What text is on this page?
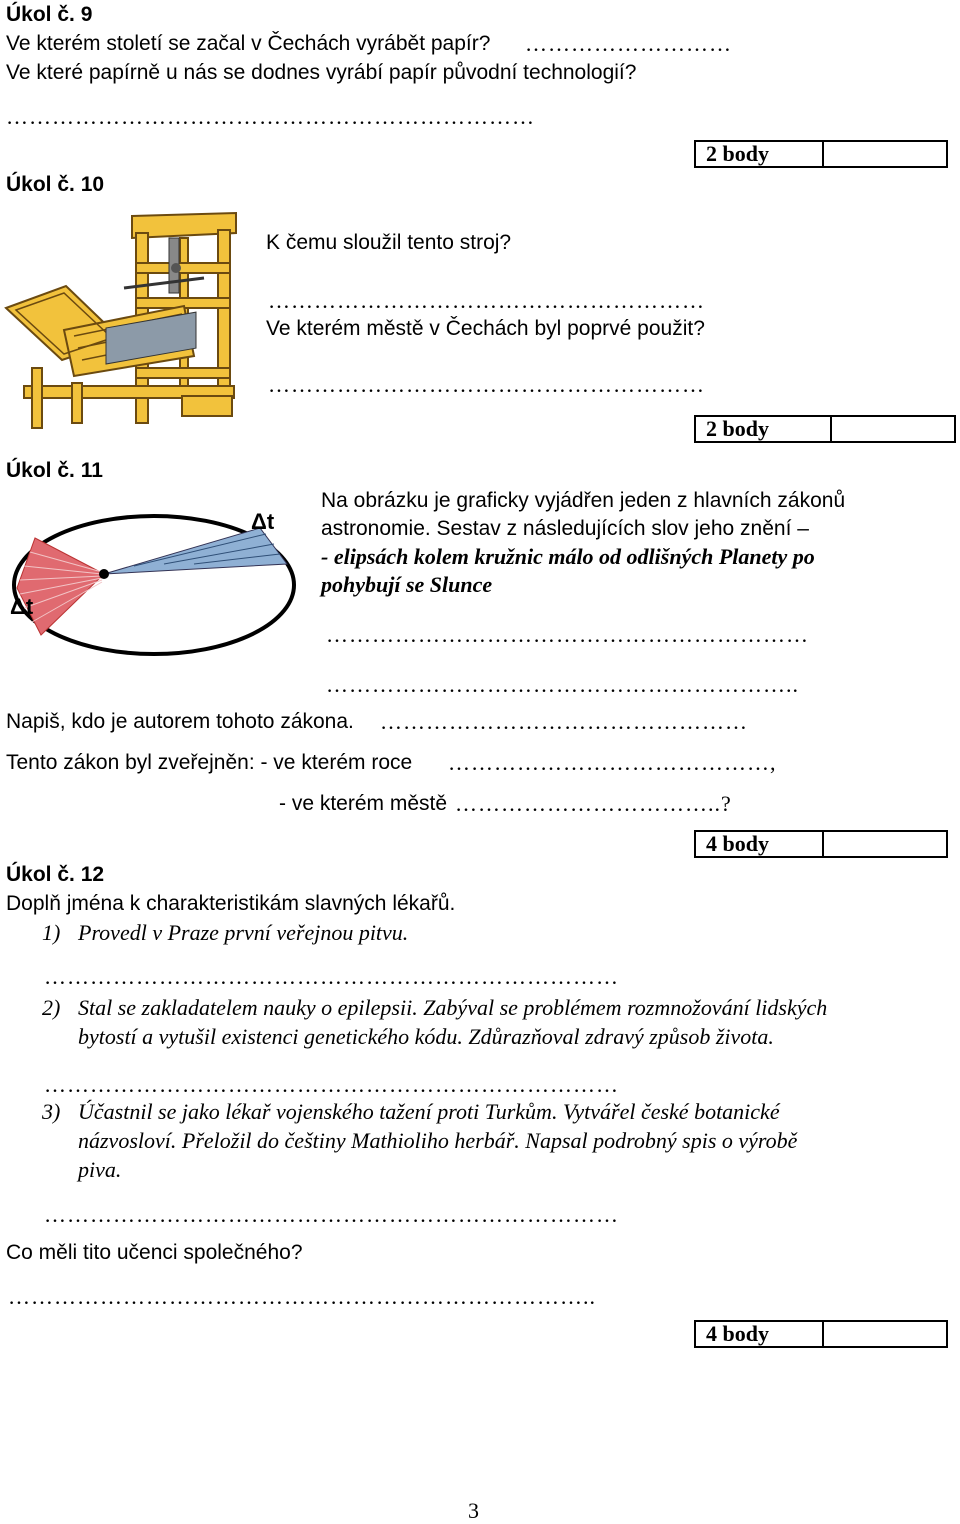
Úkol č. 9
Ve kterém století se začal v Čechách vyrábět papír? ………………………
Ve které papírně u nás se dodnes vyrábí papír původní technologií?
……………………………………………………………
2 body
Úkol č. 10
K čemu sloužil tento stroj?
…………………………………………………
Ve kterém městě v Čechách byl poprvé použit?
…………………………………………………
2 body
Úkol č. 11
Δt
Δt
Na obrázku je graficky vyjádřen jeden z hlavních zákonů
astronomie. Sestav z následujících slov jeho znění –
- elipsách kolem kružnic málo od odlišných Planety po
pohybují se Slunce
………………………………………………………
……………………………………………………..
Napiš, kdo je autorem tohoto zákona. …………………………………………
Tento zákon byl zveřejněn: - ve kterém roce ……………………………………,
- ve kterém městě ……………………………..?
4 body
Úkol č. 12
Doplň jména k charakteristikám slavných lékařů.
1) Provedl v Praze první veřejnou pitvu.
…………………………………………………………………
2) Stal se zakladatelem nauky o epilepsii. Zabýval se problémem rozmnožování lidských
bytostí a vytušil existenci genetického kódu. Zdůrazňoval zdravý způsob života.
…………………………………………………………………
3) Účastnil se jako lékař vojenského tažení proti Turkům. Vytvářel české botanické
názvosloví. Přeložil do češtiny Mathioliho herbář. Napsal podrobný spis o výrobě
piva.
…………………………………………………………………
Co měli tito učenci společného?
…………………………………………………………………..
4 body
3
